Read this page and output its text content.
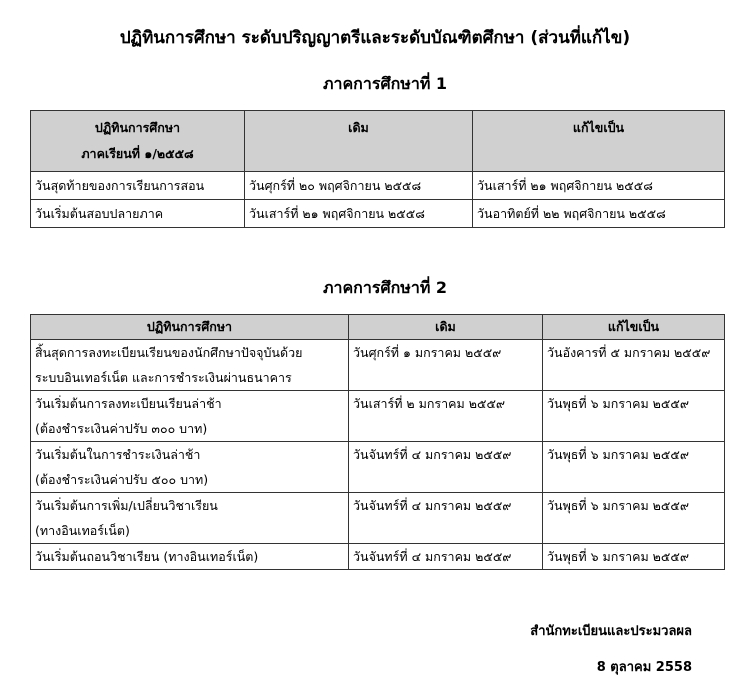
ปฏิทินการศึกษา ระดับปริญญาตรีและระดับบัณฑิตศึกษา (ส่วนที่แก้ไข)
ภาคการศึกษาที่ 1
ปฏิทินการศึกษา
ภาคเรียนที่ ๑/๒๕๕๘	เดิม	แก้ไขเป็น
วันสุดท้ายของการเรียนการสอน	วันศุกร์ที่ ๒๐ พฤศจิกายน ๒๕๕๘	วันเสาร์ที่ ๒๑ พฤศจิกายน ๒๕๕๘
วันเริ่มต้นสอบปลายภาค	วันเสาร์ที่ ๒๑ พฤศจิกายน ๒๕๕๘	วันอาทิตย์ที่ ๒๒ พฤศจิกายน ๒๕๕๘
ภาคการศึกษาที่ 2
ปฏิทินการศึกษา	เดิม	แก้ไขเป็น

สิ้นสุดการลงทะเบียนเรียนของนักศึกษาปัจจุบันด้วย
ระบบอินเทอร์เน็ต และการชำระเงินผ่านธนาคาร	วันศุกร์ที่ ๑ มกราคม ๒๕๕๙	วันอังคารที่ ๕ มกราคม ๒๕๕๙

วันเริ่มต้นการลงทะเบียนเรียนล่าช้า
(ต้องชำระเงินค่าปรับ ๓๐๐ บาท)	วันเสาร์ที่ ๒ มกราคม ๒๕๕๙	วันพุธที่ ๖ มกราคม ๒๕๕๙

วันเริ่มต้นในการชำระเงินล่าช้า
(ต้องชำระเงินค่าปรับ ๕๐๐ บาท)	วันจันทร์ที่ ๔ มกราคม ๒๕๕๙	วันพุธที่ ๖ มกราคม ๒๕๕๙

วันเริ่มต้นการเพิ่ม/เปลี่ยนวิชาเรียน
(ทางอินเทอร์เน็ต)	วันจันทร์ที่ ๔ มกราคม ๒๕๕๙	วันพุธที่ ๖ มกราคม ๒๕๕๙

วันเริ่มต้นถอนวิชาเรียน (ทางอินเทอร์เน็ต)	วันจันทร์ที่ ๔ มกราคม ๒๕๕๙	วันพุธที่ ๖ มกราคม ๒๕๕๙
สำนักทะเบียนและประมวลผล
8 ตุลาคม 2558
